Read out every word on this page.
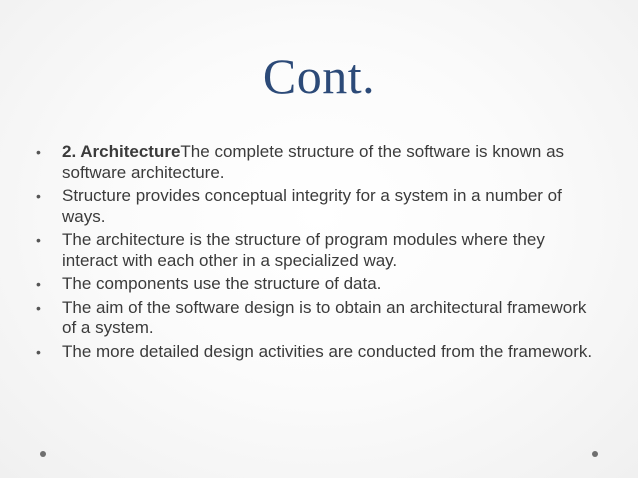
Cont.
• 2. ArchitectureThe complete structure of the software is known as software architecture.
• Structure provides conceptual integrity for a system in a number of ways.
• The architecture is the structure of program modules where they interact with each other in a specialized way.
• The components use the structure of data.
• The aim of the software design is to obtain an architectural framework of a system.
• The more detailed design activities are conducted from the framework.
